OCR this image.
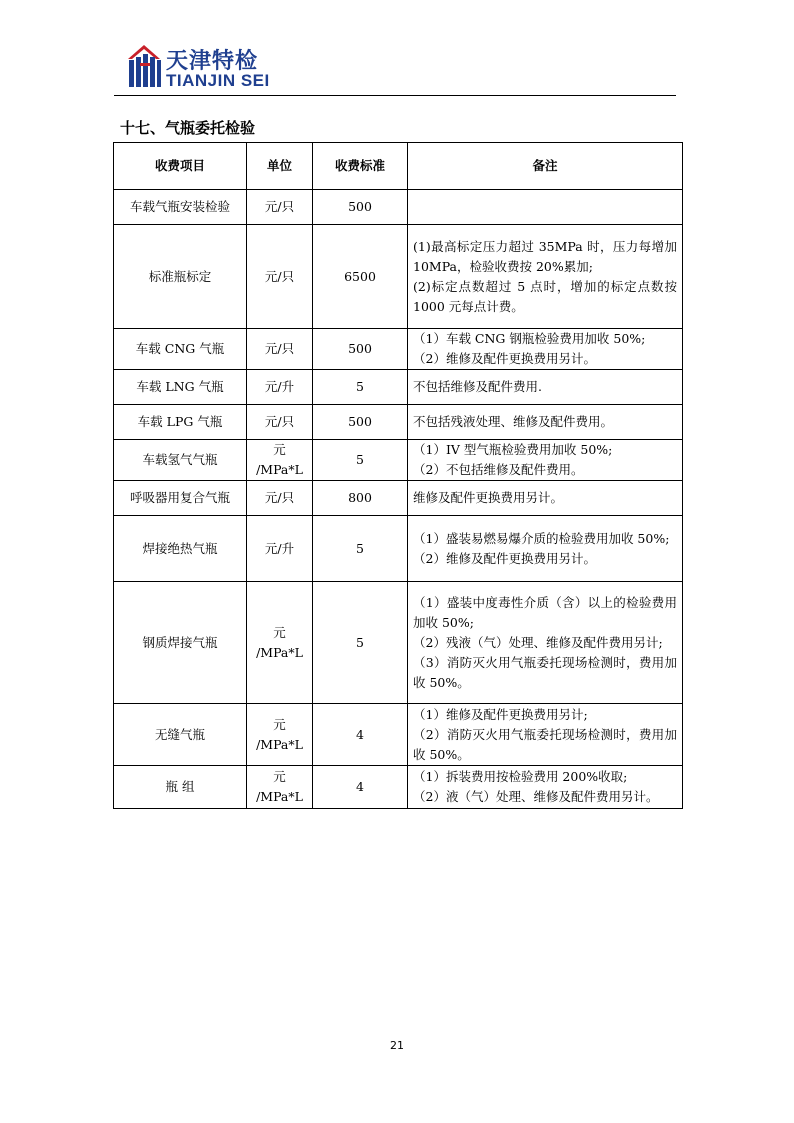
天津特检
TIANJIN SEI
十七、气瓶委托检验
收费项目	单位	收费标准	备注
车载气瓶安装检验	元/只	500	
标准瓶标定	元/只	6500	(1)最高标定压力超过 35MPa 时，压力每增加 10MPa，检验收费按 20%累加;
(2)标定点数超过 5 点时，增加的标定点数按 1000 元每点计费。

车载 CNG 气瓶	元/只	500	（1）车载 CNG 钢瓶检验费用加收 50%;
（2）维修及配件更换费用另计。

车载 LNG 气瓶	元/升	5	不包括维修及配件费用.

车载 LPG 气瓶	元/只	500	不包括残液处理、维修及配件费用。

车载氢气气瓶	元
/MPa*L	5	（1）IV 型气瓶检验费用加收 50%;
（2）不包括维修及配件费用。

呼吸器用复合气瓶	元/只	800	维修及配件更换费用另计。

焊接绝热气瓶	元/升	5	（1）盛装易燃易爆介质的检验费用加收 50%;
（2）维修及配件更换费用另计。

钢质焊接气瓶	元
/MPa*L	5	（1）盛装中度毒性介质（含）以上的检验费用加收 50%;
（2）残液（气）处理、维修及配件费用另计;
（3）消防灭火用气瓶委托现场检测时，费用加收 50%。

无缝气瓶	元
/MPa*L	4	（1）维修及配件更换费用另计;
（2）消防灭火用气瓶委托现场检测时，费用加收 50%。

瓶 组	元
/MPa*L	4	（1）拆装费用按检验费用 200%收取;
（2）液（气）处理、维修及配件费用另计。
21
